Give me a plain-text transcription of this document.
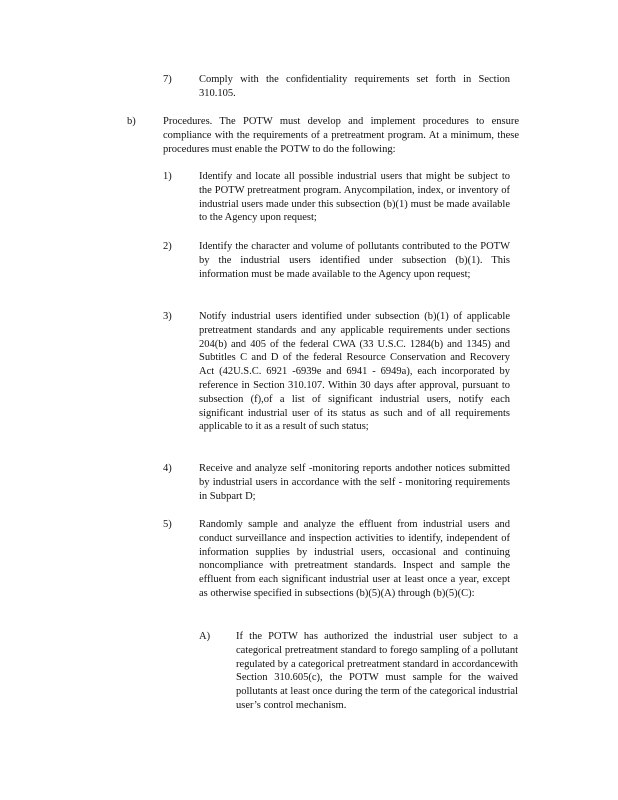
7)	Comply with the confidentiality requirements set forth in Section 310.105.
b)	Procedures. The POTW must develop and implement procedures to ensure compliance with the requirements of a pretreatment program. At a minimum, these procedures must enable the POTW to do the following:
1)	Identify and locate all possible industrial users that might be subject to the POTW pretreatment program. Anycompilation, index, or inventory of industrial users made under this subsection (b)(1) must be made available to the Agency upon request;
2)	Identify the character and volume of pollutants contributed to the POTW by the industrial users identified under subsection (b)(1). This information must be made available to the Agency upon request;
3)	Notify industrial users identified under subsection (b)(1) of applicable pretreatment standards and any applicable requirements under sections 204(b) and 405 of the federal CWA (33 U.S.C. 1284(b) and 1345) and Subtitles C and D of the federal Resource Conservation and Recovery Act (42U.S.C. 6921 -6939e and 6941 - 6949a), each incorporated by reference in Section 310.107. Within 30 days after approval, pursuant to subsection (f),of a list of significant industrial users, notify each significant industrial user of its status as such and of all requirements applicable to it as a result of such status;
4)	Receive and analyze self -monitoring reports andother notices submitted by industrial users in accordance with the self - monitoring requirements in Subpart D;
5)	Randomly sample and analyze the effluent from industrial users and conduct surveillance and inspection activities to identify, independent of information supplies by industrial users, occasional and continuing noncompliance with pretreatment standards. Inspect and sample the effluent from each significant industrial user at least once a year, except as otherwise specified in subsections (b)(5)(A) through (b)(5)(C):
A) If the POTW has authorized the industrial user subject to a categorical pretreatment standard to forego sampling of a pollutant regulated by a categorical pretreatment standard in accordancewith Section 310.605(c), the POTW must sample for the waived pollutants at least once during the term of the categorical industrial user’s control mechanism.
